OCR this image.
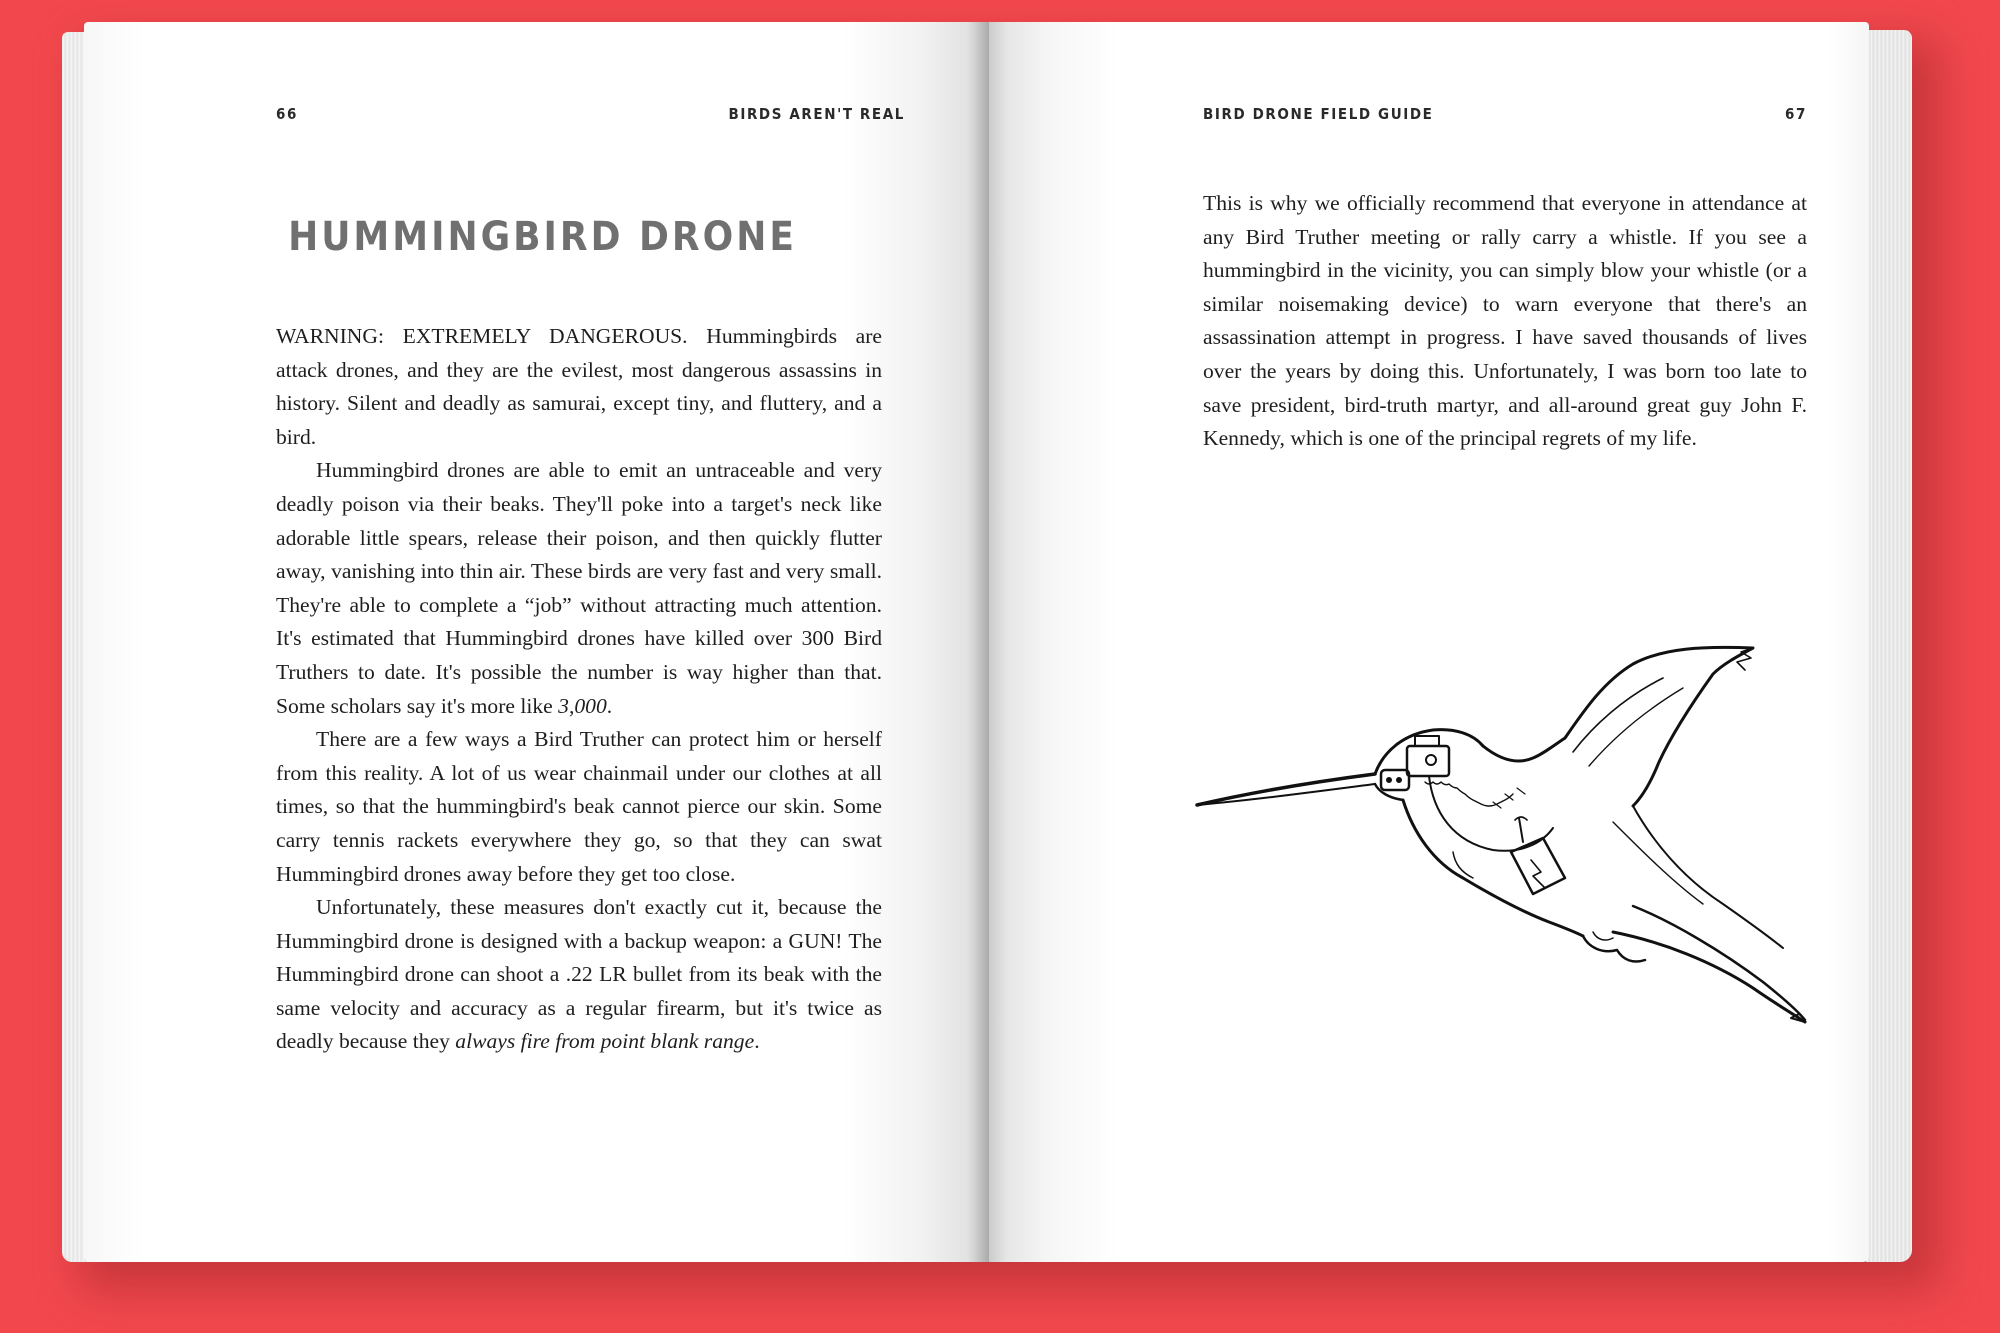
66	BIRDS AREN'T REAL
HUMMINGBIRD DRONE

WARNING: EXTREMELY DANGEROUS. Hummingbirds are attack drones, and they are the evilest, most dangerous assassins in history. Silent and deadly as samurai, except tiny, and fluttery, and a bird.

Hummingbird drones are able to emit an untraceable and very deadly poison via their beaks. They'll poke into a target's neck like adorable little spears, release their poison, and then quickly flutter away, vanishing into thin air. These birds are very fast and very small. They're able to complete a “job” without attracting much attention. It's estimated that Hummingbird drones have killed over 300 Bird Truthers to date. It's possible the number is way higher than that. Some scholars say it's more like 3,000.

There are a few ways a Bird Truther can protect him or herself from this reality. A lot of us wear chainmail under our clothes at all times, so that the hummingbird's beak cannot pierce our skin. Some carry tennis rackets everywhere they go, so that they can swat Hummingbird drones away before they get too close.

Unfortunately, these measures don't exactly cut it, because the Hummingbird drone is designed with a backup weapon: a GUN! The Hummingbird drone can shoot a .22 LR bullet from its beak with the same velocity and accuracy as a regular firearm, but it's twice as deadly because they always fire from point blank range.

BIRD DRONE FIELD GUIDE	67

This is why we officially recommend that everyone in attendance at any Bird Truther meeting or rally carry a whistle. If you see a hummingbird in the vicinity, you can simply blow your whistle (or a similar noisemaking device) to warn everyone that there's an assassination attempt in progress. I have saved thousands of lives over the years by doing this. Unfortunately, I was born too late to save president, bird-truth martyr, and all-around great guy John F. Kennedy, which is one of the principal regrets of my life.
